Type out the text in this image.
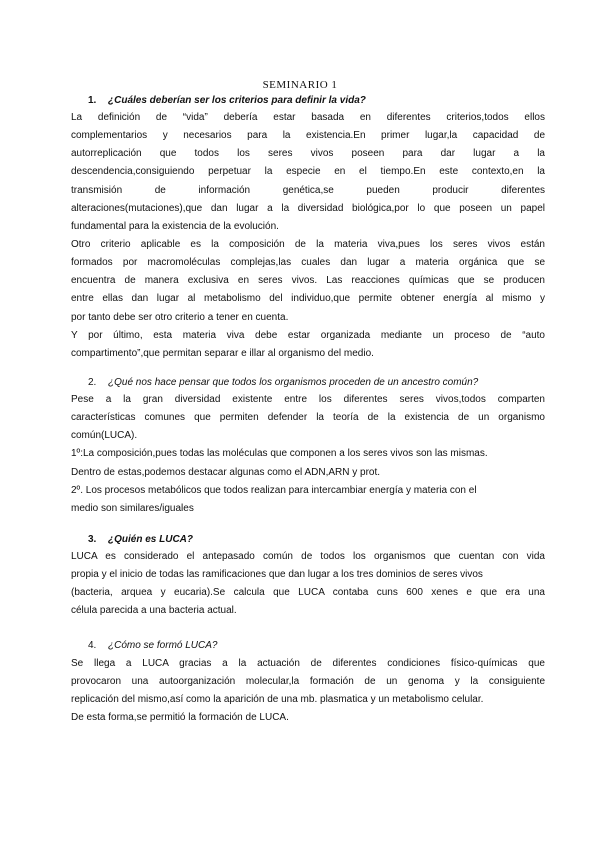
SEMINARIO 1
1. ¿Cuáles deberían ser los criterios para definir la vida?
La definición de “vida” debería estar basada en diferentes criterios,todos ellos
complementarios y necesarios para la existencia.En primer lugar,la capacidad de
autorreplicación que todos los seres vivos poseen para dar lugar a la
descendencia,consiguiendo perpetuar la especie en el tiempo.En este contexto,en la
transmisión de información genética,se pueden producir diferentes
alteraciones(mutaciones),que dan lugar a la diversidad biológica,por lo que poseen un papel
fundamental para la existencia de la evolución.
Otro criterio aplicable es la composición de la materia viva,pues los seres vivos están
formados por macromoléculas complejas,las cuales dan lugar a materia orgánica que se
encuentra de manera exclusiva en seres vivos. Las reacciones químicas que se producen
entre ellas dan lugar al metabolismo del individuo,que permite obtener energía al mismo y
por tanto debe ser otro criterio a tener en cuenta.
Y por último, esta materia viva debe estar organizada mediante un proceso de “auto
compartimento”,que permitan separar e illar al organismo del medio.
2. ¿Qué nos hace pensar que todos los organismos proceden de un ancestro común?
Pese a la gran diversidad existente entre los diferentes seres vivos,todos comparten
características comunes que permiten defender la teoría de la existencia de un organismo
común(LUCA).
1º:La composición,pues todas las moléculas que componen a los seres vivos son las mismas.
Dentro de estas,podemos destacar algunas como el ADN,ARN y prot.
2º. Los procesos metabólicos que todos realizan para intercambiar energía y materia con el
medio son similares/iguales
3. ¿Quién es LUCA?
LUCA es considerado el antepasado común de todos los organismos que cuentan con vida
propia y el inicio de todas las ramificaciones que dan lugar a los tres dominios de seres vivos
(bacteria, arquea y eucaria).Se calcula que LUCA contaba cuns 600 xenes e que era una
célula parecida a una bacteria actual.
4. ¿Cómo se formó LUCA?
Se llega a LUCA gracias a la actuación de diferentes condiciones físico-químicas que
provocaron una autoorganización molecular,la formación de un genoma y la consiguiente
replicación del mismo,así como la aparición de una mb. plasmatica y un metabolismo celular.
De esta forma,se permitió la formación de LUCA.
